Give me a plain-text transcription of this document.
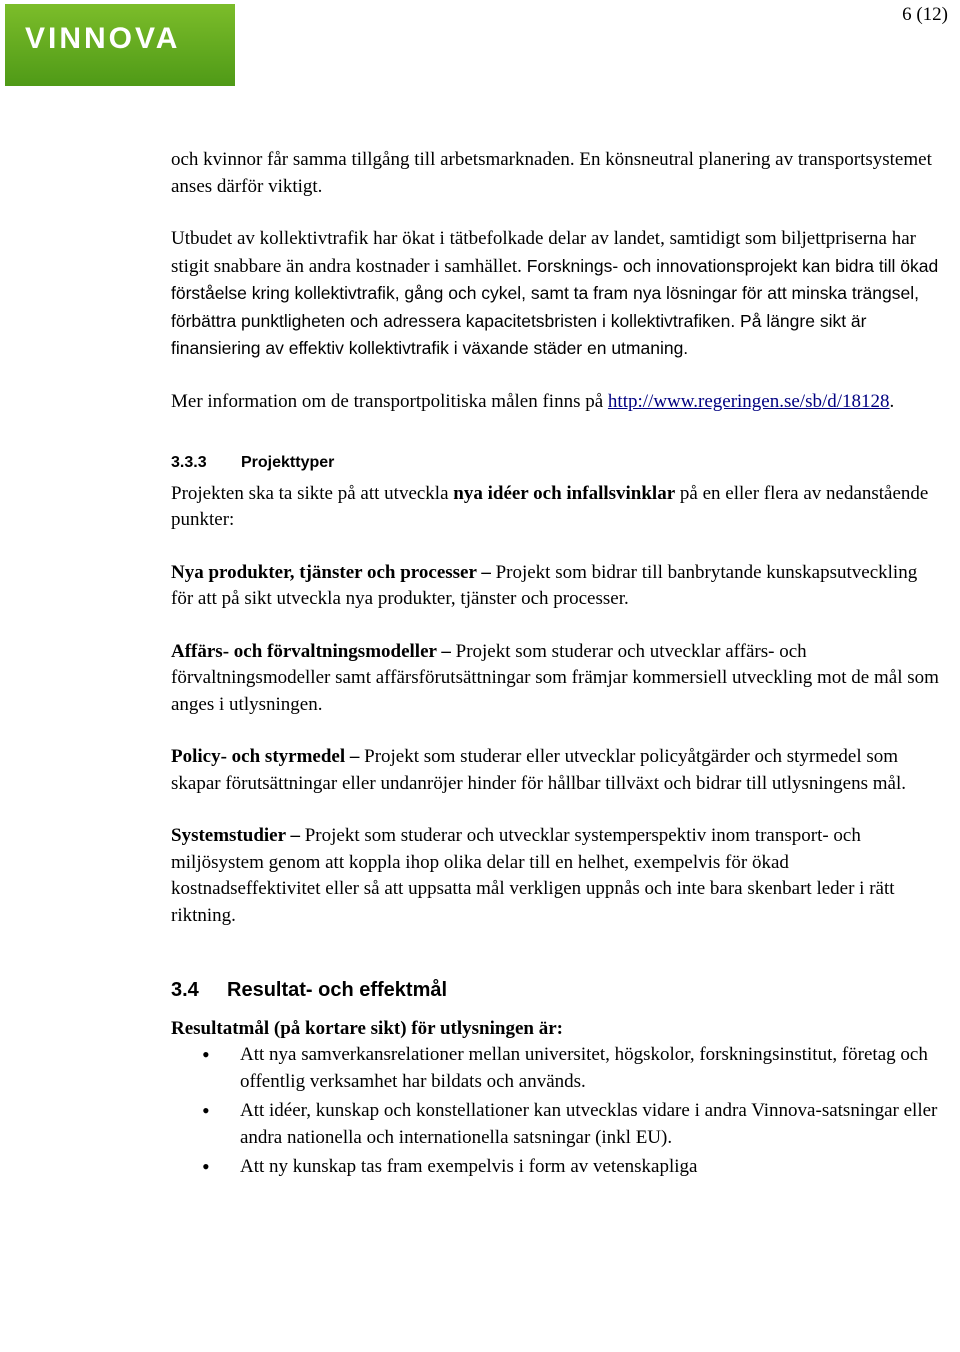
VINNOVA
6 (12)

och kvinnor får samma tillgång till arbetsmarknaden. En könsneutral planering av transportsystemet anses därför viktigt.

Utbudet av kollektivtrafik har ökat i tätbefolkade delar av landet, samtidigt som biljettpriserna har stigit snabbare än andra kostnader i samhället. Forsknings- och innovationsprojekt kan bidra till ökad förståelse kring kollektivtrafik, gång och cykel, samt ta fram nya lösningar för att minska trängsel, förbättra punktligheten och adressera kapacitetsbristen i kollektivtrafiken. På längre sikt är finansiering av effektiv kollektivtrafik i växande städer en utmaning.

Mer information om de transportpolitiska målen finns på http://www.regeringen.se/sb/d/18128.

3.3.3 Projekttyper

Projekten ska ta sikte på att utveckla nya idéer och infallsvinklar på en eller flera av nedanstående punkter:

Nya produkter, tjänster och processer – Projekt som bidrar till banbrytande kunskapsutveckling för att på sikt utveckla nya produkter, tjänster och processer.

Affärs- och förvaltningsmodeller – Projekt som studerar och utvecklar affärs- och förvaltningsmodeller samt affärsförutsättningar som främjar kommersiell utveckling mot de mål som anges i utlysningen.

Policy- och styrmedel – Projekt som studerar eller utvecklar policyåtgärder och styrmedel som skapar förutsättningar eller undanröjer hinder för hållbar tillväxt och bidrar till utlysningens mål.

Systemstudier – Projekt som studerar och utvecklar systemperspektiv inom transport- och miljösystem genom att koppla ihop olika delar till en helhet, exempelvis för ökad kostnadseffektivitet eller så att uppsatta mål verkligen uppnås och inte bara skenbart leder i rätt riktning.

3.4 Resultat- och effektmål

Resultatmål (på kortare sikt) för utlysningen är:

• Att nya samverkansrelationer mellan universitet, högskolor, forskningsinstitut, företag och offentlig verksamhet har bildats och används.
• Att idéer, kunskap och konstellationer kan utvecklas vidare i andra Vinnova-satsningar eller andra nationella och internationella satsningar (inkl EU).
• Att ny kunskap tas fram exempelvis i form av vetenskapliga
